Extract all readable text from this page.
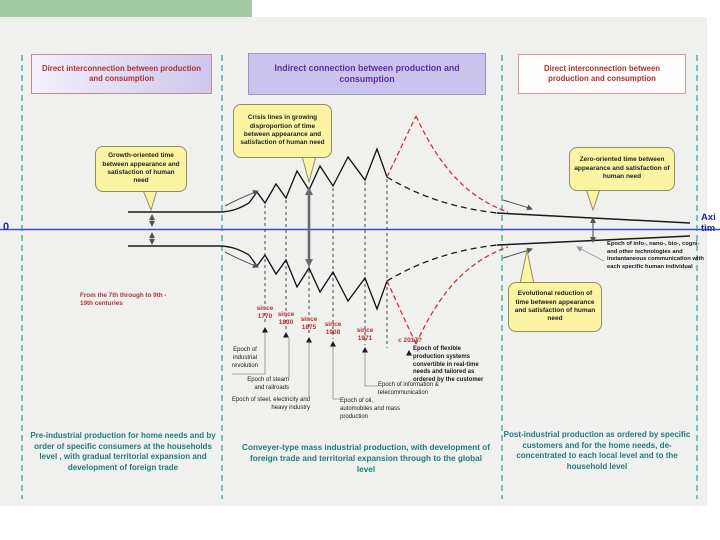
Direct interconnection between production and consumption
Indirect connection between production and consumption
Direct interconnection between production and consumption
Growth-oriented time between appearance and satisfaction of human need
Crisis lines in growing disproportion of time between appearance and satisfaction of human need
Zero-oriented time between appearance and satisfaction of human need
Evolutional reduction of time between appearance and satisfaction of human need
0
Axi
tim
From the 7th through to 9th - 19th centuries
since 1770 since 1830	since 1875	since 1908	since 1971	c 2017?
Epoch of industrial revolution
Epoch of steam and railroads
Epoch of steel, electricity and heavy industry
Epoch of oil, automobiles and mass production
Epoch of information & telecommunication
Epoch of flexible production systems convertible in real-time needs and tailored as ordered by the customer
Epoch of info-, nano-, bio-, cogni- and other technologies and instantaneous communication with each specific human individual
Pre-industrial production for home needs and by order of specific consumers at the households level , with gradual territorial expansion and development of foreign trade
Conveyer-type mass industrial production, with development of foreign trade and territorial expansion through to the global level
Post-industrial production as ordered by specific customers and for the home needs, de-concentrated to each local level and to the household level
